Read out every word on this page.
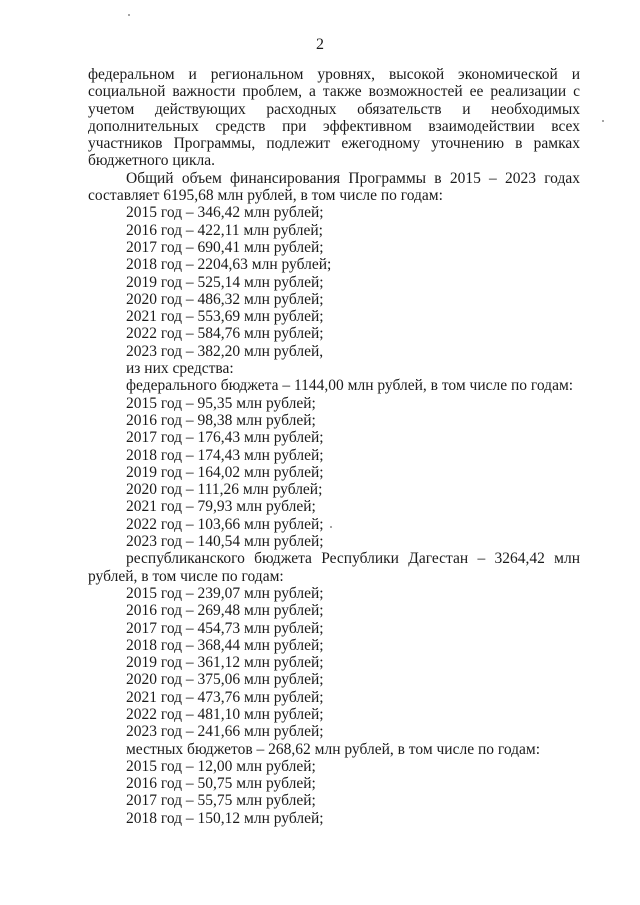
2
федеральном и региональном уровнях, высокой экономической и социальной важности проблем, а также возможностей ее реализации с учетом действующих расходных обязательств и необходимых дополнительных средств при эффективном взаимодействии всех участников Программы, подлежит ежегодному уточнению в рамках бюджетного цикла.
Общий объем финансирования Программы в 2015 – 2023 годах составляет 6195,68 млн рублей, в том числе по годам:
2015 год – 346,42 млн рублей;
2016 год – 422,11 млн рублей;
2017 год – 690,41 млн рублей;
2018 год – 2204,63 млн рублей;
2019 год – 525,14 млн рублей;
2020 год – 486,32 млн рублей;
2021 год – 553,69 млн рублей;
2022 год – 584,76 млн рублей;
2023 год – 382,20 млн рублей,
из них средства:
федерального бюджета – 1144,00 млн рублей, в том числе по годам:
2015 год – 95,35 млн рублей;
2016 год – 98,38 млн рублей;
2017 год – 176,43 млн рублей;
2018 год – 174,43 млн рублей;
2019 год – 164,02 млн рублей;
2020 год – 111,26 млн рублей;
2021 год – 79,93 млн рублей;
2022 год – 103,66 млн рублей;
2023 год – 140,54 млн рублей;
республиканского бюджета Республики Дагестан – 3264,42 млн
рублей, в том числе по годам:
2015 год – 239,07 млн рублей;
2016 год – 269,48 млн рублей;
2017 год – 454,73 млн рублей;
2018 год – 368,44 млн рублей;
2019 год – 361,12 млн рублей;
2020 год – 375,06 млн рублей;
2021 год – 473,76 млн рублей;
2022 год – 481,10 млн рублей;
2023 год – 241,66 млн рублей;
местных бюджетов – 268,62 млн рублей, в том числе по годам:
2015 год – 12,00 млн рублей;
2016 год – 50,75 млн рублей;
2017 год – 55,75 млн рублей;
2018 год – 150,12 млн рублей;
